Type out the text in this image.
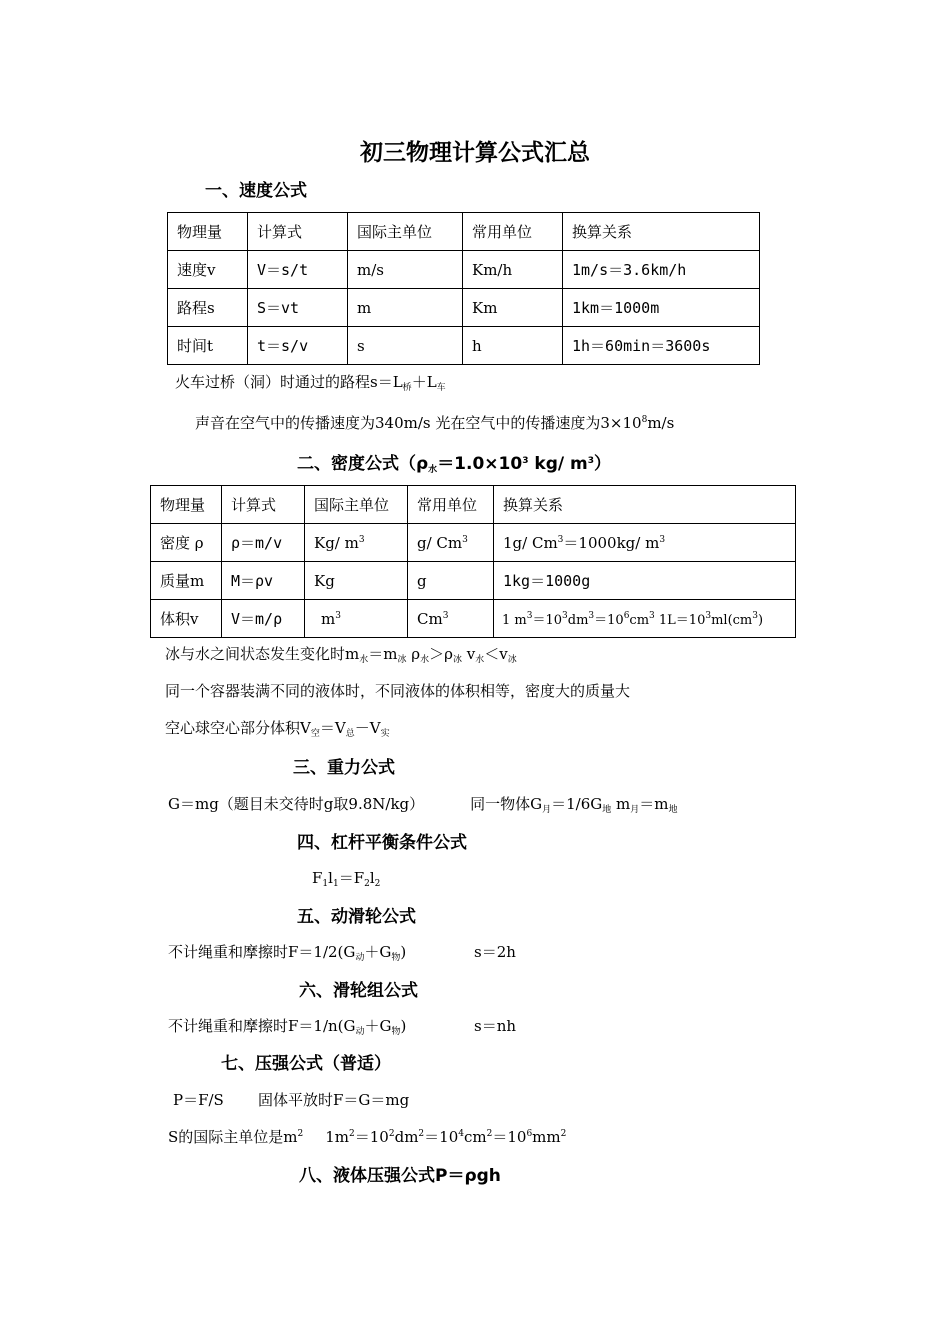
初三物理计算公式汇总
一、速度公式
物理量	计算式	国际主单位	常用单位	换算关系
速度v	V＝s/t	m/s	Km/h	1m/s＝3.6km/h
路程s	S＝vt	m	Km	1km＝1000m
时间t	t＝s/v	s	h	1h＝60min＝3600s
火车过桥（洞）时通过的路程$s=L_桥+L_车$
声音在空气中的传播速度为340m/s 光在空气中的传播速度为$3\times 10^8m/s$
二、密度公式（$\rho_水=1.0\times 10^3$ kg/ $m^3$）
物理量	计算式	国际主单位	常用单位	换算关系
密度 ρ	ρ＝m/v	Kg/ $m^3$	g/ Cm$^3$	1g/ $Cm^3=1000kg/$ $m^3$
质量m	M＝ρv	Kg	g	1kg＝1000g
体积v	V＝m/ρ	$m^3$	Cm$^3$	1 $m^3=10^3dm^3=10^6cm^3$ $1L=10^3ml(cm^3)$
冰与水之间状态发生变化时$m_水=m_冰$ $\rho_水>\rho_冰$ $v_水<v_冰$
同一个容器装满不同的液体时，不同液体的体积相等，密度大的质量大
空心球空心部分体积$V_空=V_总-V_实$
三、重力公式
G＝mg（题目未交待时g取9.8N/kg）	同一物体$G_月=1/6G_地$ $m_月=m_地$
四、杠杆平衡条件公式
$F_1l_1=F_2l_2$
五、动滑轮公式
不计绳重和摩擦时$F=1/2(G_动+G_物)$	s＝2h
六、滑轮组公式
不计绳重和摩擦时$F=1/n(G_动+G_物)$	s＝nh
七、压强公式（普适）
P＝F/S 固体平放时F＝G＝mg
S的国际主单位是$m^2$ $1m^2=10^2dm^2=10^4cm^2=10^6mm^2$
八、液体压强公式P＝ρgh
